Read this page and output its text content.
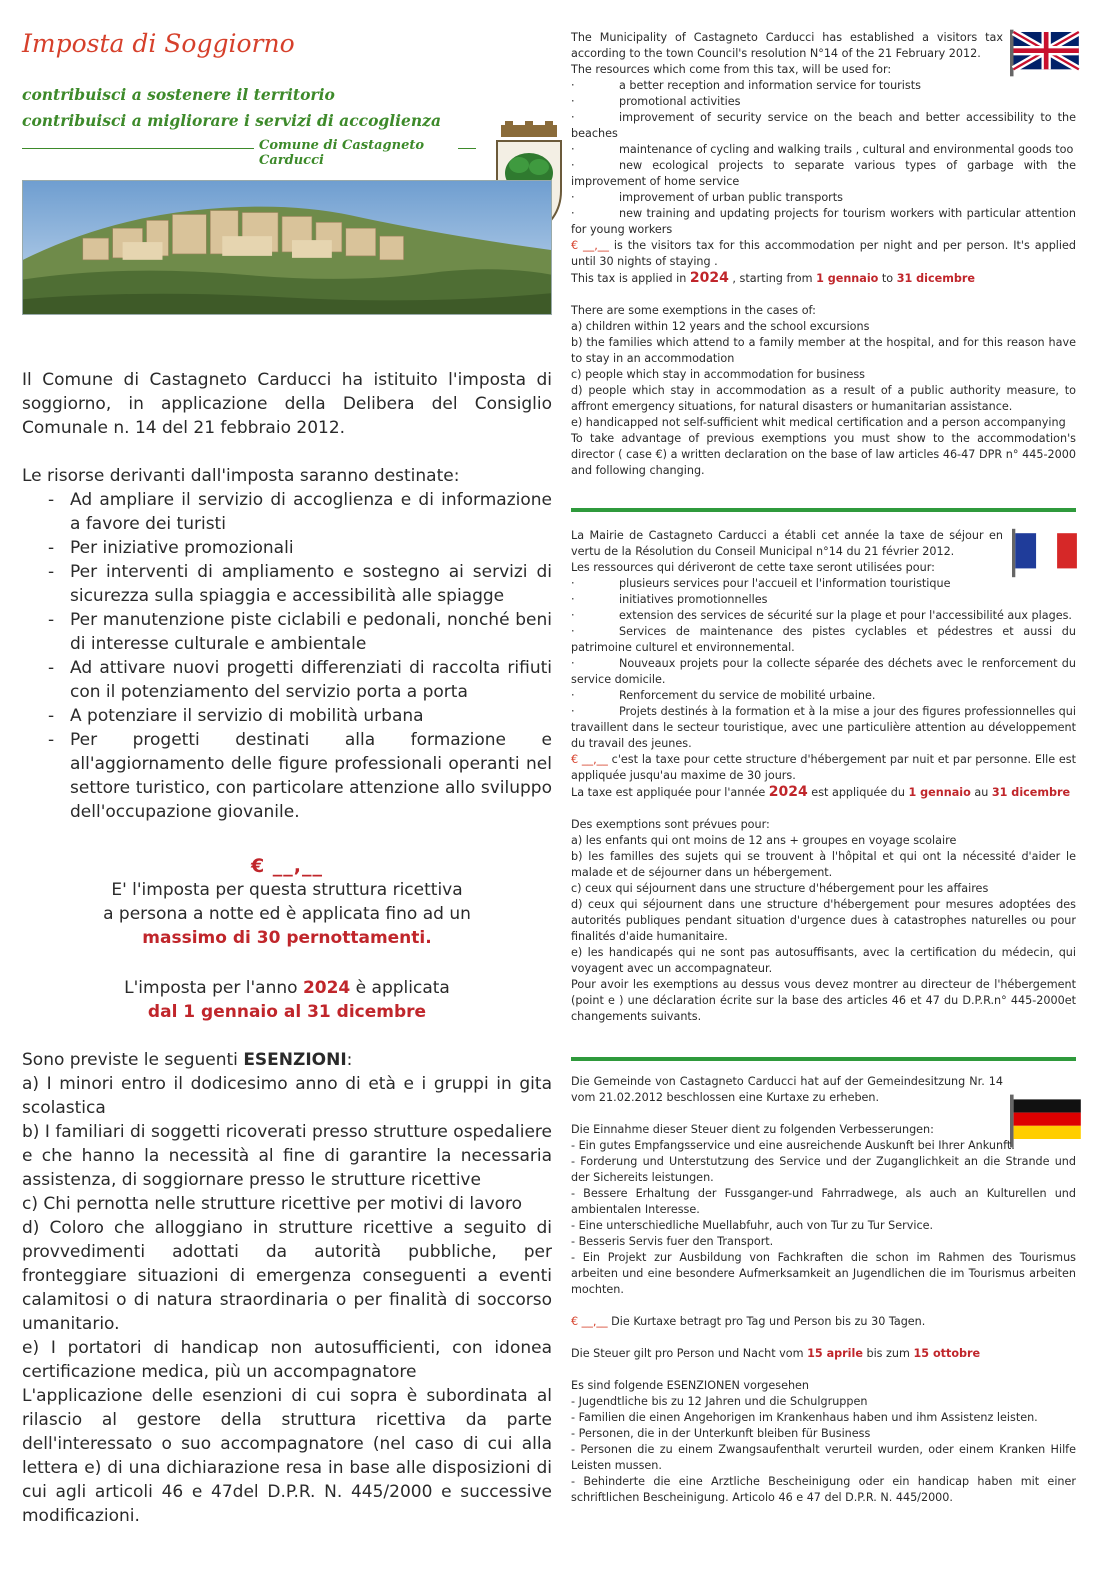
Imposta di Soggiorno
contribuisci a sostenere il territorio
contribuisci a migliorare i servizi di accoglienza
Comune di Castagneto Carducci

Il Comune di Castagneto Carducci ha istituito l'imposta di soggiorno, in applicazione della Delibera del Consiglio Comunale n. 14 del 21 febbraio 2012.

Le risorse derivanti dall'imposta saranno destinate:

- Ad ampliare il servizio di accoglienza e di informazione a favore dei turisti
- Per iniziative promozionali
- Per interventi di ampliamento e sostegno ai servizi di sicurezza sulla spiaggia e accessibilità alle spiagge
- Per manutenzione piste ciclabili e pedonali, nonché beni di interesse culturale e ambientale
- Ad attivare nuovi progetti differenziati di raccolta rifiuti con il potenziamento del servizio porta a porta
- A potenziare il servizio di mobilità urbana
- Per progetti destinati alla formazione e all'aggiornamento delle figure professionali operanti nel settore turistico, con particolare attenzione allo sviluppo dell'occupazione giovanile.
€ __,__
E' l'imposta per questa struttura ricettiva
a persona a notte ed è applicata fino ad un
massimo di 30 pernottamenti.
L'imposta per l'anno 2024 è applicata
dal 1 gennaio al 31 dicembre
Sono previste le seguenti ESENZIONI:

a) I minori entro il dodicesimo anno di età e i gruppi in gita scolastica

b) I familiari di soggetti ricoverati presso strutture ospedaliere e che hanno la necessità al fine di garantire la necessaria assistenza, di soggiornare presso le strutture ricettive

c) Chi pernotta nelle strutture ricettive per motivi di lavoro

d) Coloro che alloggiano in strutture ricettive a seguito di provvedimenti adottati da autorità pubbliche, per fronteggiare situazioni di emergenza conseguenti a eventi calamitosi o di natura straordinaria o per finalità di soccorso umanitario.

e) I portatori di handicap non autosufficienti, con idonea certificazione medica, più un accompagnatore

L'applicazione delle esenzioni di cui sopra è subordinata al rilascio al gestore della struttura ricettiva da parte dell'interessato o suo accompagnatore (nel caso di cui alla lettera e) di una dichiarazione resa in base alle disposizioni di cui agli articoli 46 e 47del D.P.R. N. 445/2000 e successive modificazioni.

The Municipality of Castagneto Carducci has established a visitors tax according to the town Council's resolution N°14 of the 21 February 2012.

The resources which come from this tax, will be used for:

· a better reception and information service for tourists
· promotional activities
· improvement of security service on the beach and better accessibility to the beaches
· maintenance of cycling and walking trails , cultural and environmental goods too
· new ecological projects to separate various types of garbage with the improvement of home service
· improvement of urban public transports
· new training and updating projects for tourism workers with particular attention for young workers

€ __,__ is the visitors tax for this accommodation per night and per person. It's applied until 30 nights of staying .

This tax is applied in 2024 , starting from 1 gennaio to 31 dicembre

There are some exemptions in the cases of:

a) children within 12 years and the school excursions

b) the families which attend to a family member at the hospital, and for this reason have to stay in an accommodation

c) people which stay in accommodation for business

d) people which stay in accommodation as a result of a public authority measure, to affront emergency situations, for natural disasters or humanitarian assistance.

e) handicapped not self-sufficient whit medical certification and a person accompanying

To take advantage of previous exemptions you must show to the accommodation's director ( case €) a written declaration on the base of law articles 46-47 DPR n° 445-2000 and following changing.

La Mairie de Castagneto Carducci a établi cet année la taxe de séjour en vertu de la Résolution du Conseil Municipal n°14 du 21 février 2012.

Les ressources qui dériveront de cette taxe seront utilisées pour:

· plusieurs services pour l'accueil et l'information touristique
· initiatives promotionnelles
· extension des services de sécurité sur la plage et pour l'accessibilité aux plages.
· Services de maintenance des pistes cyclables et pédestres et aussi du patrimoine culturel et environnemental.
· Nouveaux projets pour la collecte séparée des déchets avec le renforcement du service domicile.
· Renforcement du service de mobilité urbaine.
· Projets destinés à la formation et à la mise a jour des figures professionnelles qui travaillent dans le secteur touristique, avec une particulière attention au développement du travail des jeunes.

€ __,__ c'est la taxe pour cette structure d'hébergement par nuit et par personne. Elle est appliquée jusqu'au maxime de 30 jours.

La taxe est appliquée pour l'année 2024 est appliquée du 1 gennaio au 31 dicembre

Des exemptions sont prévues pour:

a) les enfants qui ont moins de 12 ans + groupes en voyage scolaire

b) les familles des sujets qui se trouvent à l'hôpital et qui ont la nécessité d'aider le malade et de séjourner dans un hébergement.

c) ceux qui séjournent dans une structure d'hébergement pour les affaires

d) ceux qui séjournent dans une structure d'hébergement pour mesures adoptées des autorités publiques pendant situation d'urgence dues à catastrophes naturelles ou pour finalités d'aide humanitaire.

e) les handicapés qui ne sont pas autosuffisants, avec la certification du médecin, qui voyagent avec un accompagnateur.

Pour avoir les exemptions au dessus vous devez montrer au directeur de l'hébergement (point e ) une déclaration écrite sur la base des articles 46 et 47 du D.P.R.n° 445-2000et changements suivants.

Die Gemeinde von Castagneto Carducci hat auf der Gemeindesitzung Nr. 14 vom 21.02.2012 beschlossen eine Kurtaxe zu erheben.

Die Einnahme dieser Steuer dient zu folgenden Verbesserungen:

- Ein gutes Empfangsservice und eine ausreichende Auskunft bei Ihrer Ankunft.

- Forderung und Unterstutzung des Service und der Zuganglichkeit an die Strande und der Sichereits leistungen.

- Bessere Erhaltung der Fussganger-und Fahrradwege, als auch an Kulturellen und ambientalen Interesse.

- Eine unterschiedliche Muellabfuhr, auch von Tur zu Tur Service.

- Besseris Servis fuer den Transport.

- Ein Projekt zur Ausbildung von Fachkraften die schon im Rahmen des Tourismus arbeiten und eine besondere Aufmerksamkeit an Jugendlichen die im Tourismus arbeiten mochten.

€ __,__ Die Kurtaxe betragt pro Tag und Person bis zu 30 Tagen.

Die Steuer gilt pro Person und Nacht vom 15 aprile bis zum 15 ottobre

Es sind folgende ESENZIONEN vorgesehen

- Jugendtliche bis zu 12 Jahren und die Schulgruppen

- Familien die einen Angehorigen im Krankenhaus haben und ihm Assistenz leisten.

- Personen, die in der Unterkunft bleiben für Business

- Personen die zu einem Zwangsaufenthalt verurteil wurden, oder einem Kranken Hilfe Leisten mussen.

- Behinderte die eine Arztliche Bescheinigung oder ein handicap haben mit einer schriftlichen Bescheinigung. Articolo 46 e 47 del D.P.R. N. 445/2000.
